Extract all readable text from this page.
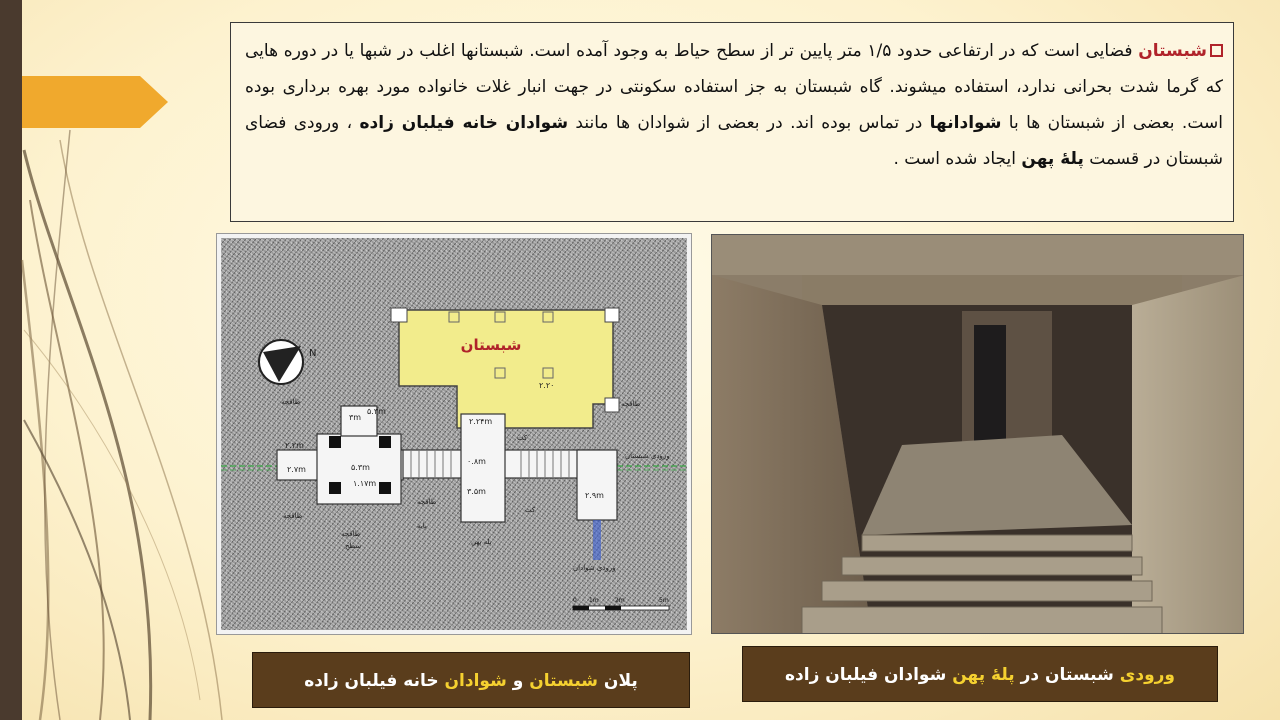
شبستان فضایی است که در ارتفاعی حدود ۱/۵ متر پایین تر از سطح حیاط به وجود آمده است. شبستانها اغلب در شبها یا در دوره هایی که گرما شدت بحرانی ندارد، استفاده میشوند. گاه شبستان به جز استفاده سکونتی در جهت انبار غلات خانواده مورد بهره برداری بوده است. بعضی از شبستان ها با شوادانها در تماس بوده اند. در بعضی از شوادان ها مانند شوادان خانه فیلبان زاده ، ورودی فضای شبستان در قسمت پلۀ پهن ایجاد شده است .
شبستان
N
۲.۲m
۳m
۵.۳m
۵.۳m
۱.۱۷m
۲.۷m
۲.۲۴m
۳.۵m	۲.۹m
۰.۸m
۲.۲۰
طاقچه
طاقچه
طاقچه
طاقچه
ورودی شبستان
پله پهن
ورودی شوادان
سطح
کت
کت
پایه
طاقچه
0 1m	2m	5m
پلان شبستان و شوادان خانه فیلبان زاده	ورودی شبستان در پلۀ پهن شوادان فیلبان زاده
